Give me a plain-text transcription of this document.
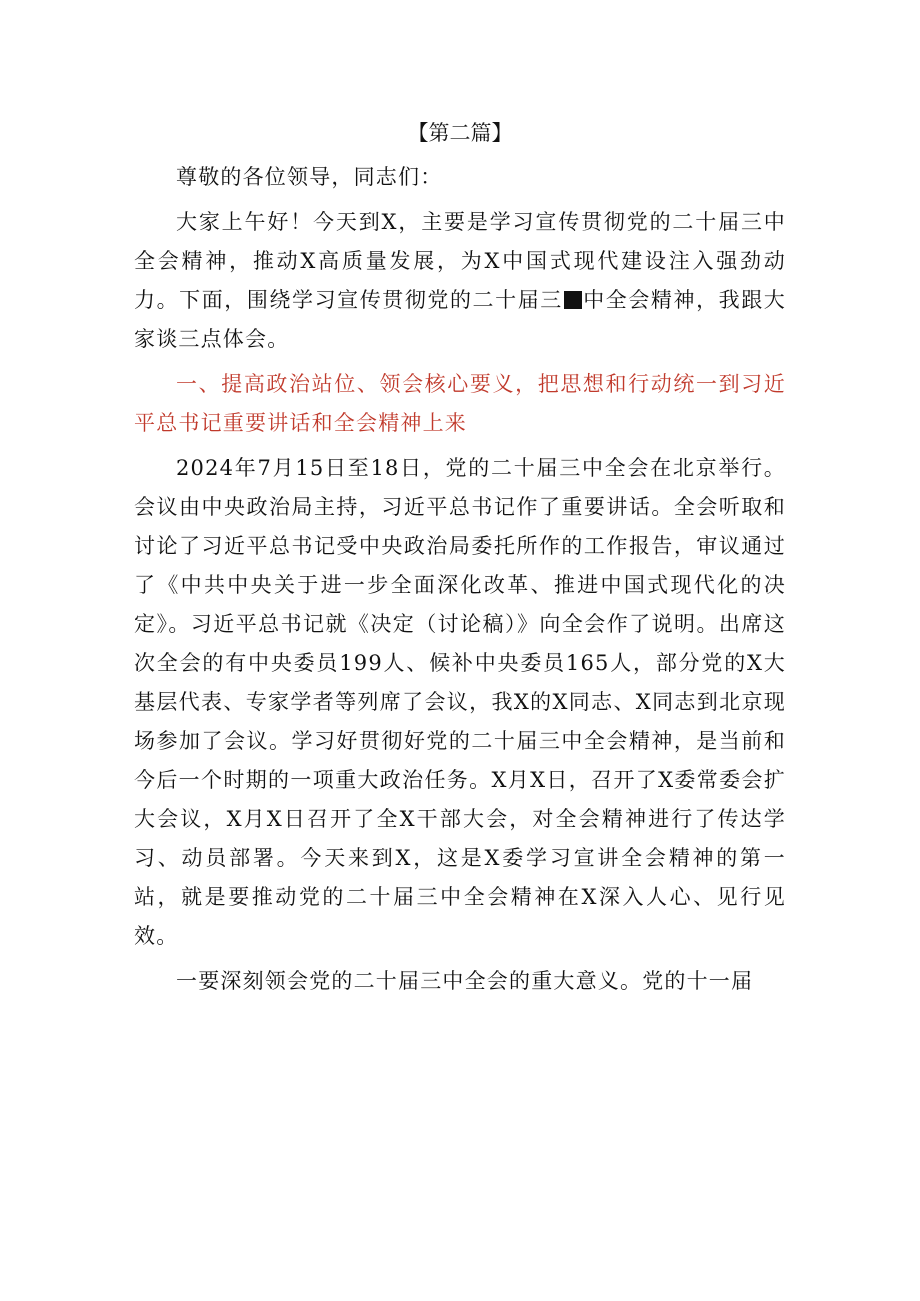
【第二篇】

尊敬的各位领导，同志们：

大家上午好！今天到X，主要是学习宣传贯彻党的二十届三中全会精神，推动X高质量发展，为X中国式现代建设注入强劲动力。下面，围绕学习宣传贯彻党的二十届三 中全会精神，我跟大家谈三点体会。

一、提高政治站位、领会核心要义，把思想和行动统一到习近平总书记重要讲话和全会精神上来

2024年7月15日至18日，党的二十届三中全会在北京举行。会议由中央政治局主持，习近平总书记作了重要讲话。全会听取和讨论了习近平总书记受中央政治局委托所作的工作报告，审议通过了《中共中央关于进一步全面深化改革、推进中国式现代化的决定》。习近平总书记就《决定（讨论稿）》向全会作了说明。出席这次全会的有中央委员199人、候补中央委员165人，部分党的X大基层代表、专家学者等列席了会议，我X的X同志、X同志到北京现场参加了会议。学习好贯彻好党的二十届三中全会精神，是当前和今后一个时期的一项重大政治任务。X月X日，召开了X委常委会扩大会议，X月X日召开了全X干部大会，对全会精神进行了传达学习、动员部署。今天来到X，这是X委学习宣讲全会精神的第一站，就是要推动党的二十届三中全会精神在X深入人心、见行见效。

一要深刻领会党的二十届三中全会的重大意义。党的十一届
